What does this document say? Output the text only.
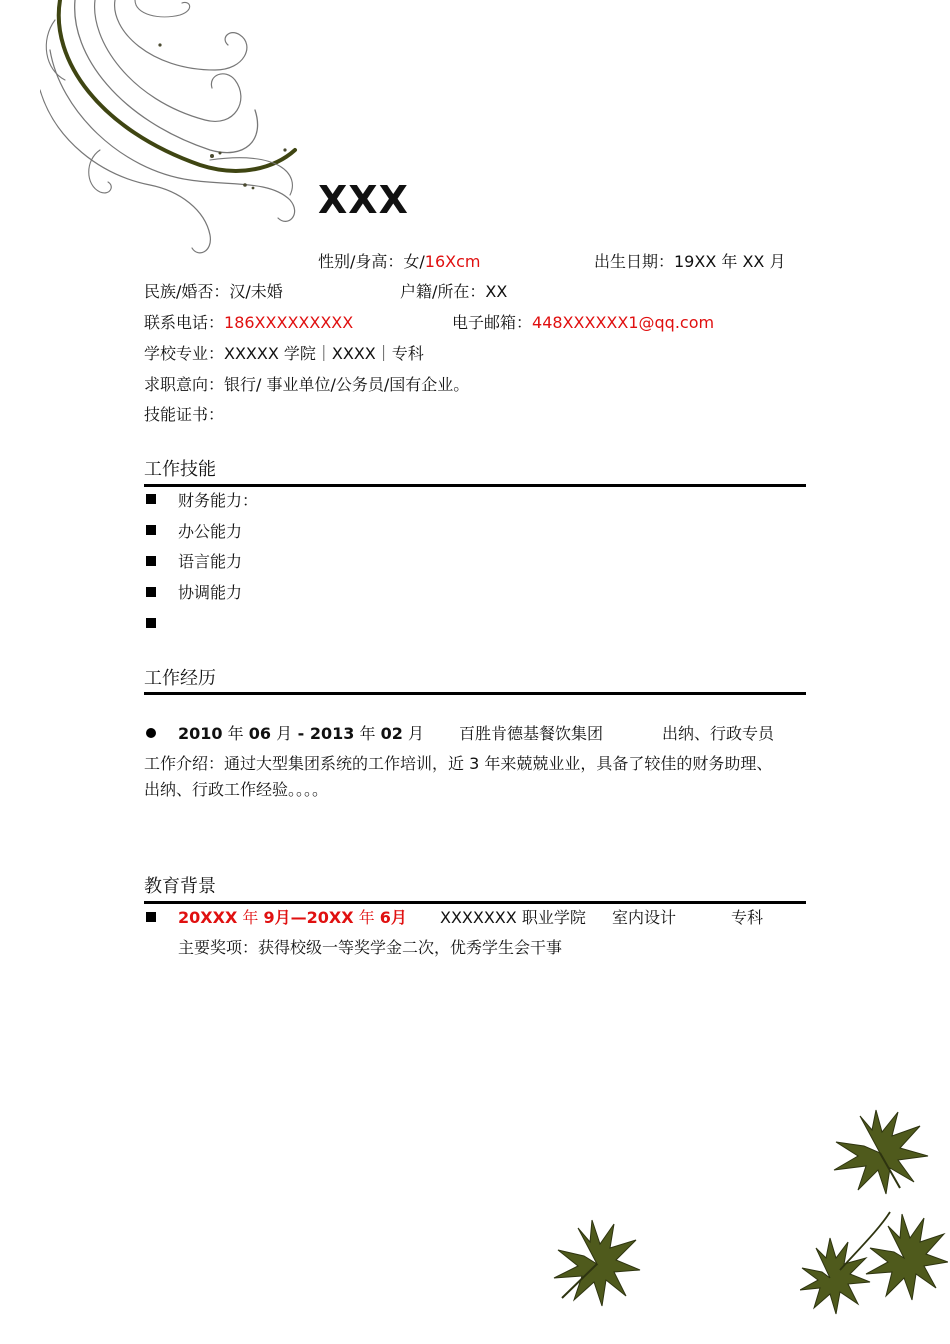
XXX
性别/身高：女/16Xcm	出生日期：19XX 年 XX 月
民族/婚否：汉/未婚	户籍/所在：XX
联系电话：186XXXXXXXXX	电子邮箱：448XXXXXX1@qq.com
学校专业：XXXXX 学院｜XXXX｜专科
求职意向：银行/ 事业单位/公务员/国有企业。
技能证书：
工作技能
财务能力：
办公能力
语言能力
协调能力
工作经历
2010 年 06 月 - 2013 年 02 月 百胜肯德基餐饮集团	出纳、行政专员
工作介绍：通过大型集团系统的工作培训，近 3 年来兢兢业业，具备了较佳的财务助理、
出纳、行政工作经验。。。。
教育背景
20XXX 年 9月—20XX 年 6月 XXXXXXX 职业学院 室内设计	专科
主要奖项：获得校级一等奖学金二次，优秀学生会干事
